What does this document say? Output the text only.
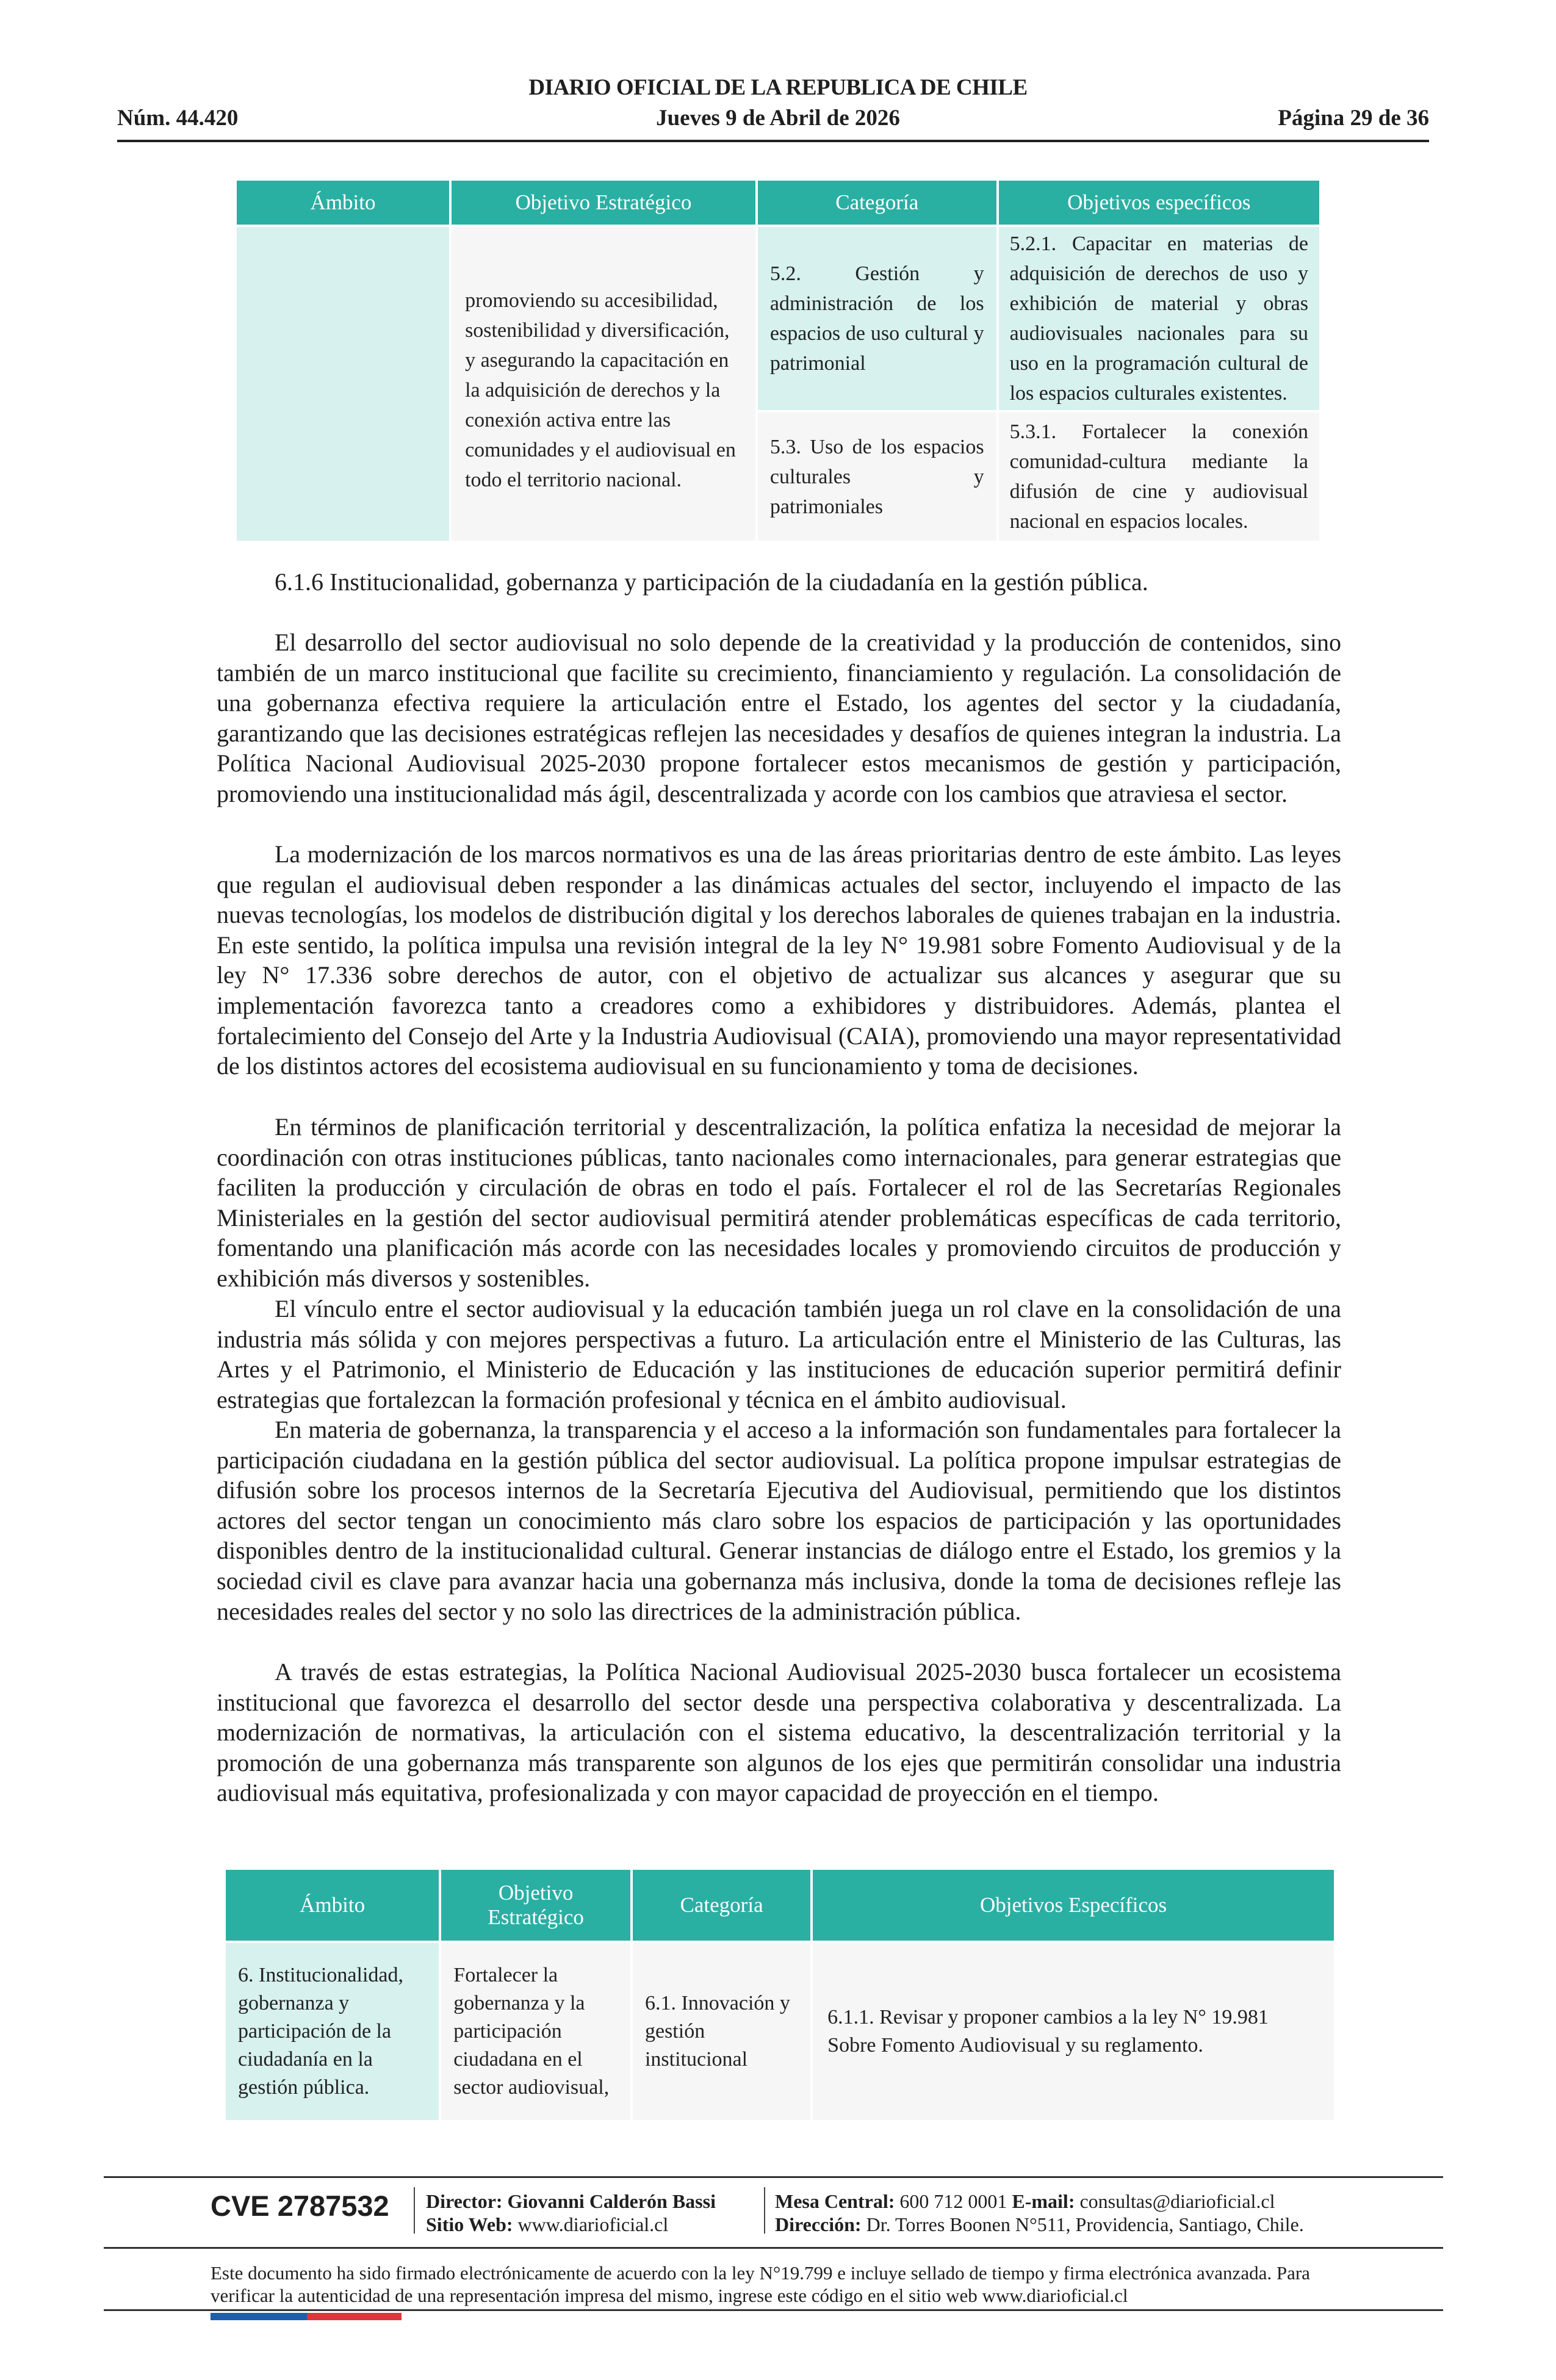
DIARIO OFICIAL DE LA REPUBLICA DE CHILE
Núm. 44.420	Jueves 9 de Abril de 2026	Página 29 de 36
Ámbito	Objetivo Estratégico	Categoría	Objetivos específicos

	promoviendo su accesibilidad, sostenibilidad y diversificación, y asegurando la capacitación en la adquisición de derechos y la conexión activa entre las comunidades y el audiovisual en todo el territorio nacional.	5.2. Gestión y administración de los espacios de uso cultural y patrimonial	5.2.1. Capacitar en materias de adquisición de derechos de uso y exhibición de material y obras audiovisuales nacionales para su uso en la programación cultural de los espacios culturales existentes.
		5.3. Uso de los espacios culturales y patrimoniales	5.3.1. Fortalecer la conexión comunidad-cultura mediante la difusión de cine y audiovisual nacional en espacios locales.
6.1.6 Institucionalidad, gobernanza y participación de la ciudadanía en la gestión pública.

El desarrollo del sector audiovisual no solo depende de la creatividad y la producción de contenidos, sino también de un marco institucional que facilite su crecimiento, financiamiento y regulación. La consolidación de una gobernanza efectiva requiere la articulación entre el Estado, los agentes del sector y la ciudadanía, garantizando que las decisiones estratégicas reflejen las necesidades y desafíos de quienes integran la industria. La Política Nacional Audiovisual 2025-2030 propone fortalecer estos mecanismos de gestión y participación, promoviendo una institucionalidad más ágil, descentralizada y acorde con los cambios que atraviesa el sector.

La modernización de los marcos normativos es una de las áreas prioritarias dentro de este ámbito. Las leyes que regulan el audiovisual deben responder a las dinámicas actuales del sector, incluyendo el impacto de las nuevas tecnologías, los modelos de distribución digital y los derechos laborales de quienes trabajan en la industria. En este sentido, la política impulsa una revisión integral de la ley N° 19.981 sobre Fomento Audiovisual y de la ley N° 17.336 sobre derechos de autor, con el objetivo de actualizar sus alcances y asegurar que su implementación favorezca tanto a creadores como a exhibidores y distribuidores. Además, plantea el fortalecimiento del Consejo del Arte y la Industria Audiovisual (CAIA), promoviendo una mayor representatividad de los distintos actores del ecosistema audiovisual en su funcionamiento y toma de decisiones.

En términos de planificación territorial y descentralización, la política enfatiza la necesidad de mejorar la coordinación con otras instituciones públicas, tanto nacionales como internacionales, para generar estrategias que faciliten la producción y circulación de obras en todo el país. Fortalecer el rol de las Secretarías Regionales Ministeriales en la gestión del sector audiovisual permitirá atender problemáticas específicas de cada territorio, fomentando una planificación más acorde con las necesidades locales y promoviendo circuitos de producción y exhibición más diversos y sostenibles.

El vínculo entre el sector audiovisual y la educación también juega un rol clave en la consolidación de una industria más sólida y con mejores perspectivas a futuro. La articulación entre el Ministerio de las Culturas, las Artes y el Patrimonio, el Ministerio de Educación y las instituciones de educación superior permitirá definir estrategias que fortalezcan la formación profesional y técnica en el ámbito audiovisual.

En materia de gobernanza, la transparencia y el acceso a la información son fundamentales para fortalecer la participación ciudadana en la gestión pública del sector audiovisual. La política propone impulsar estrategias de difusión sobre los procesos internos de la Secretaría Ejecutiva del Audiovisual, permitiendo que los distintos actores del sector tengan un conocimiento más claro sobre los espacios de participación y las oportunidades disponibles dentro de la institucionalidad cultural. Generar instancias de diálogo entre el Estado, los gremios y la sociedad civil es clave para avanzar hacia una gobernanza más inclusiva, donde la toma de decisiones refleje las necesidades reales del sector y no solo las directrices de la administración pública.

A través de estas estrategias, la Política Nacional Audiovisual 2025-2030 busca fortalecer un ecosistema institucional que favorezca el desarrollo del sector desde una perspectiva colaborativa y descentralizada. La modernización de normativas, la articulación con el sistema educativo, la descentralización territorial y la promoción de una gobernanza más transparente son algunos de los ejes que permitirán consolidar una industria audiovisual más equitativa, profesionalizada y con mayor capacidad de proyección en el tiempo.

Ámbito	Objetivo Estratégico	Categoría	Objetivos Específicos
6. Institucionalidad, gobernanza y participación de la ciudadanía en la gestión pública.	Fortalecer la gobernanza y la participación ciudadana en el sector audiovisual,	6.1. Innovación y gestión institucional	6.1.1. Revisar y proponer cambios a la ley N° 19.981 Sobre Fomento Audiovisual y su reglamento.
CVE 2787532 Director: Giovanni Calderón Bassi
Sitio Web: www.diarioficial.cl
Mesa Central: 600 712 0001 E-mail: consultas@diarioficial.cl
Dirección: Dr. Torres Boonen N°511, Providencia, Santiago, Chile.
Este documento ha sido firmado electrónicamente de acuerdo con la ley N°19.799 e incluye sellado de tiempo y firma electrónica avanzada. Para verificar la autenticidad de una representación impresa del mismo, ingrese este código en el sitio web www.diarioficial.cl
